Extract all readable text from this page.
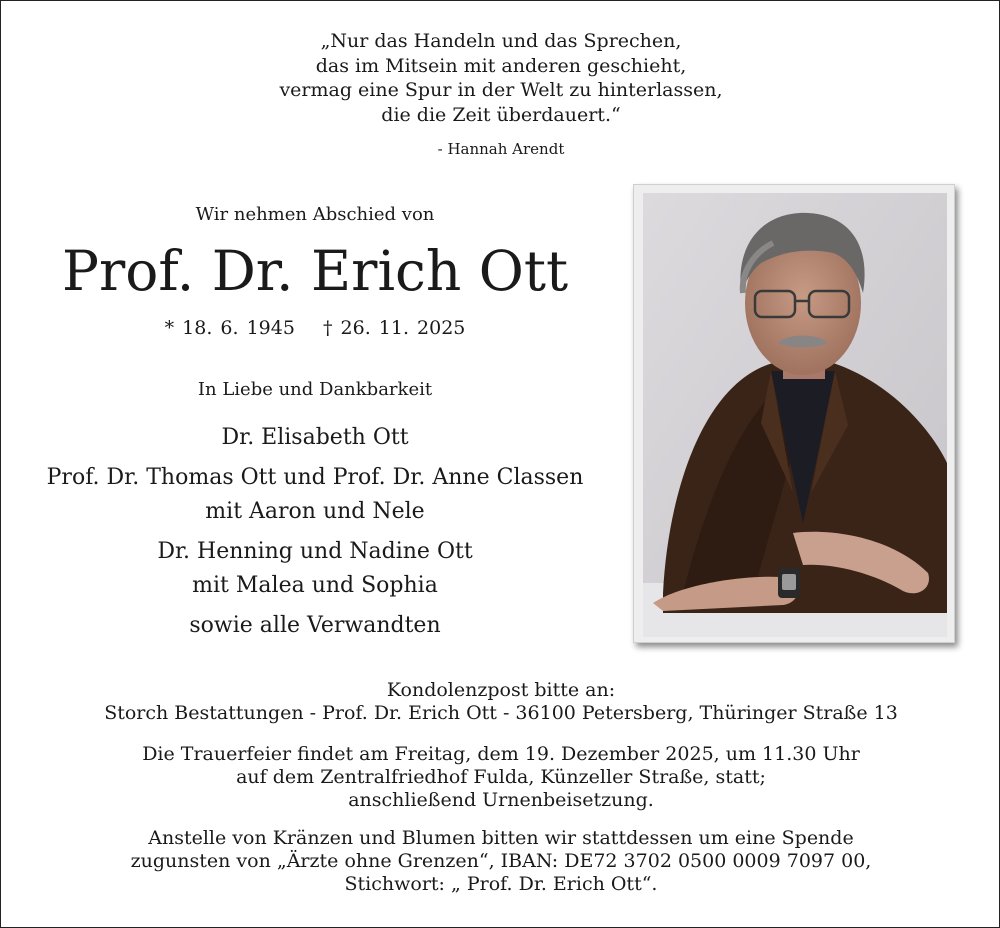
„Nur das Handeln und das Sprechen,
das im Mitsein mit anderen geschieht,
vermag eine Spur in der Welt zu hinterlassen,
die die Zeit überdauert.“
- Hannah Arendt
Wir nehmen Abschied von
Prof. Dr. Erich Ott
* 18. 6. 1945 † 26. 11. 2025
In Liebe und Dankbarkeit
Dr. Elisabeth Ott
Prof. Dr. Thomas Ott und Prof. Dr. Anne Classen
mit Aaron und Nele
Dr. Henning und Nadine Ott
mit Malea und Sophia
sowie alle Verwandten
Kondolenzpost bitte an:
Storch Bestattungen - Prof. Dr. Erich Ott - 36100 Petersberg, Thüringer Straße 13
Die Trauerfeier findet am Freitag, dem 19. Dezember 2025, um 11.30 Uhr
auf dem Zentralfriedhof Fulda, Künzeller Straße, statt;
anschließend Urnenbeisetzung.
Anstelle von Kränzen und Blumen bitten wir stattdessen um eine Spende
zugunsten von „Ärzte ohne Grenzen“, IBAN: DE72 3702 0500 0009 7097 00,
Stichwort: „ Prof. Dr. Erich Ott“.
